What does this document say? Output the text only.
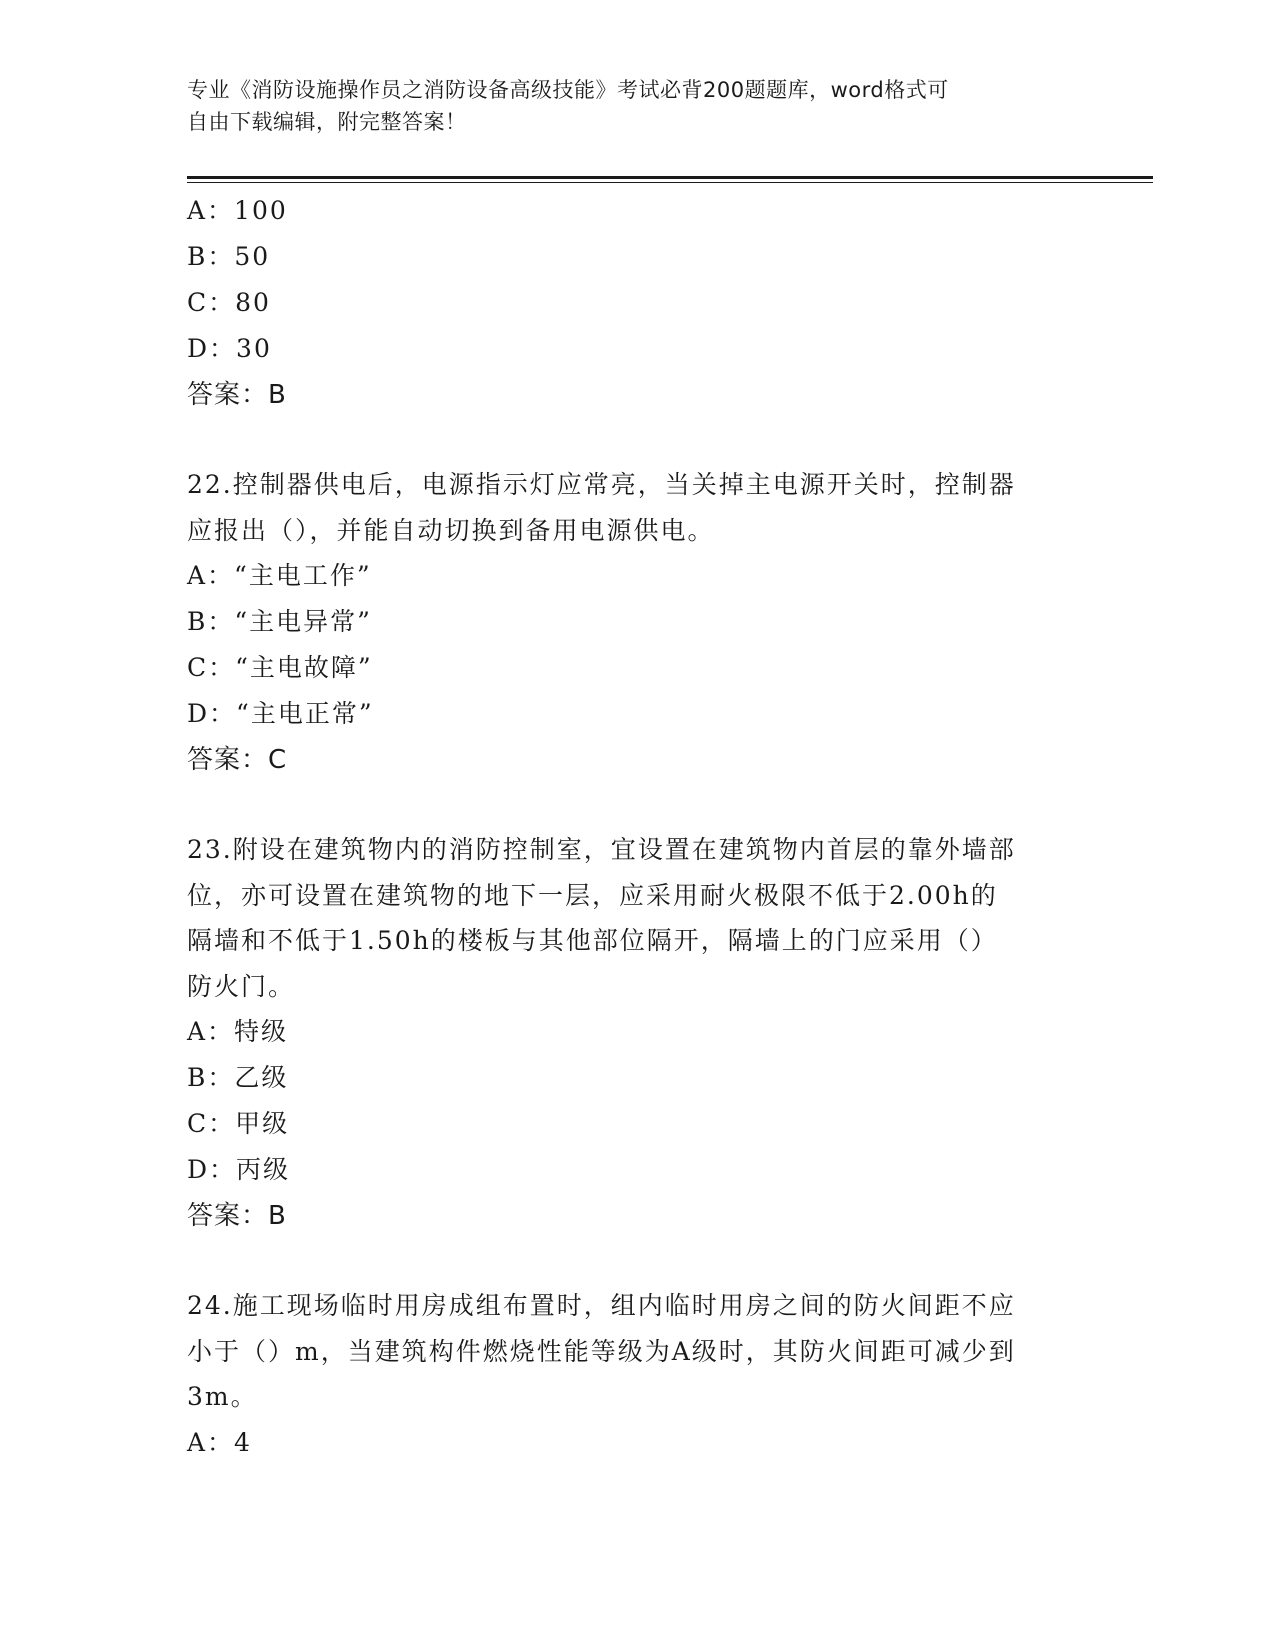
专业《消防设施操作员之消防设备高级技能》考试必背200题题库，word格式可
自由下载编辑，附完整答案！
A：100
B：50
C：80
D：30
答案：B
22.控制器供电后，电源指示灯应常亮，当关掉主电源开关时，控制器
应报出（），并能自动切换到备用电源供电。
A：“主电工作”
B：“主电异常”
C：“主电故障”
D：“主电正常”
答案：C
23.附设在建筑物内的消防控制室，宜设置在建筑物内首层的靠外墙部
位，亦可设置在建筑物的地下一层，应采用耐火极限不低于2.00h的
隔墙和不低于1.50h的楼板与其他部位隔开，隔墙上的门应采用（）
防火门。
A：特级
B：乙级
C：甲级
D：丙级
答案：B
24.施工现场临时用房成组布置时，组内临时用房之间的防火间距不应
小于（）m，当建筑构件燃烧性能等级为A级时，其防火间距可减少到
3m。
A：4
